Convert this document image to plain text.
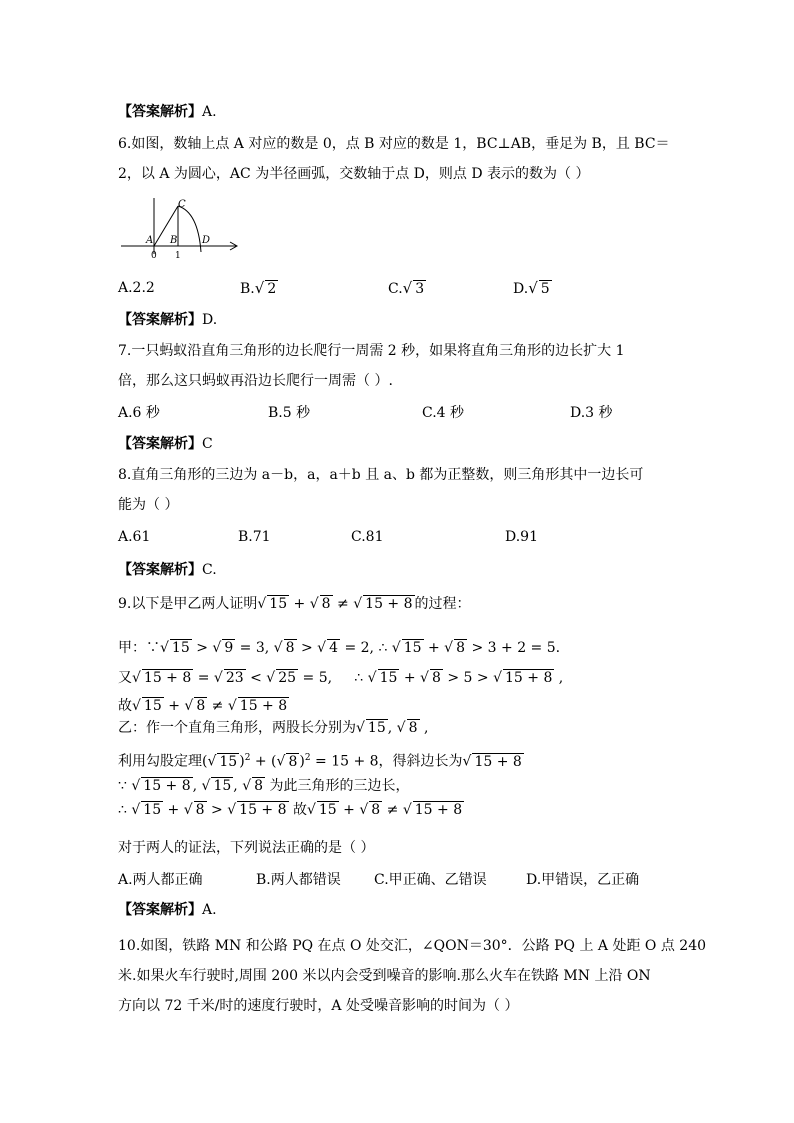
【答案解析】A.
6.如图，数轴上点 A 对应的数是 0，点 B 对应的数是 1，BC⊥AB，垂足为 B，且 BC＝
2，以 A 为圆心，AC 为半径画弧，交数轴于点 D，则点 D 表示的数为（ ）
A B
C
D
0 1
A.2.2	B.√ 2	C.√ 3	D.√ 5
【答案解析】D.
7.一只蚂蚁沿直角三角形的边长爬行一周需 2 秒，如果将直角三角形的边长扩大 1
倍，那么这只蚂蚁再沿边长爬行一周需（ ）.
A.6 秒	B.5 秒	C.4 秒	D.3 秒
【答案解析】C
8.直角三角形的三边为 a－b，a，a＋b 且 a、b 都为正整数，则三角形其中一边长可
能为（ ）
A.61	B.71	C.81	D.91
【答案解析】C.
9.以下是甲乙两人证明√ 15 + √ 8 ≠ √ 15 + 8 的过程：
甲：∵√ 15 > √ 9 = 3, √ 8 > √ 4 = 2, ∴ √ 15 + √ 8 > 3 + 2 = 5.
又√ 15 + 8 = √ 23 < √ 25 = 5,     ∴ √ 15 + √ 8 > 5 > √ 15 + 8 ,
故√ 15 + √ 8 ≠ √ 15 + 8
乙：作一个直角三角形，两股长分别为√ 15 , √ 8 ,
利用勾股定理(√ 15 )$^2$ + (√ 8 )$^2$ = 15 + 8，得斜边长为√ 15 + 8
∵ √ 15 + 8 , √ 15 , √ 8 为此三角形的三边长，
∴ √ 15 + √ 8 > √ 15 + 8 故√ 15 + √ 8 ≠ √ 15 + 8
对于两人的证法，下列说法正确的是（ ）
A.两人都正确	B.两人都错误 C.甲正确、乙错误	D.甲错误，乙正确
【答案解析】A.
10.如图，铁路 MN 和公路 PQ 在点 O 处交汇，∠QON＝30°．公路 PQ 上 A 处距 O 点 240
米.如果火车行驶时,周围 200 米以内会受到噪音的影响.那么火车在铁路 MN 上沿 ON
方向以 72 千米/时的速度行驶时，A 处受噪音影响的时间为（ ）
